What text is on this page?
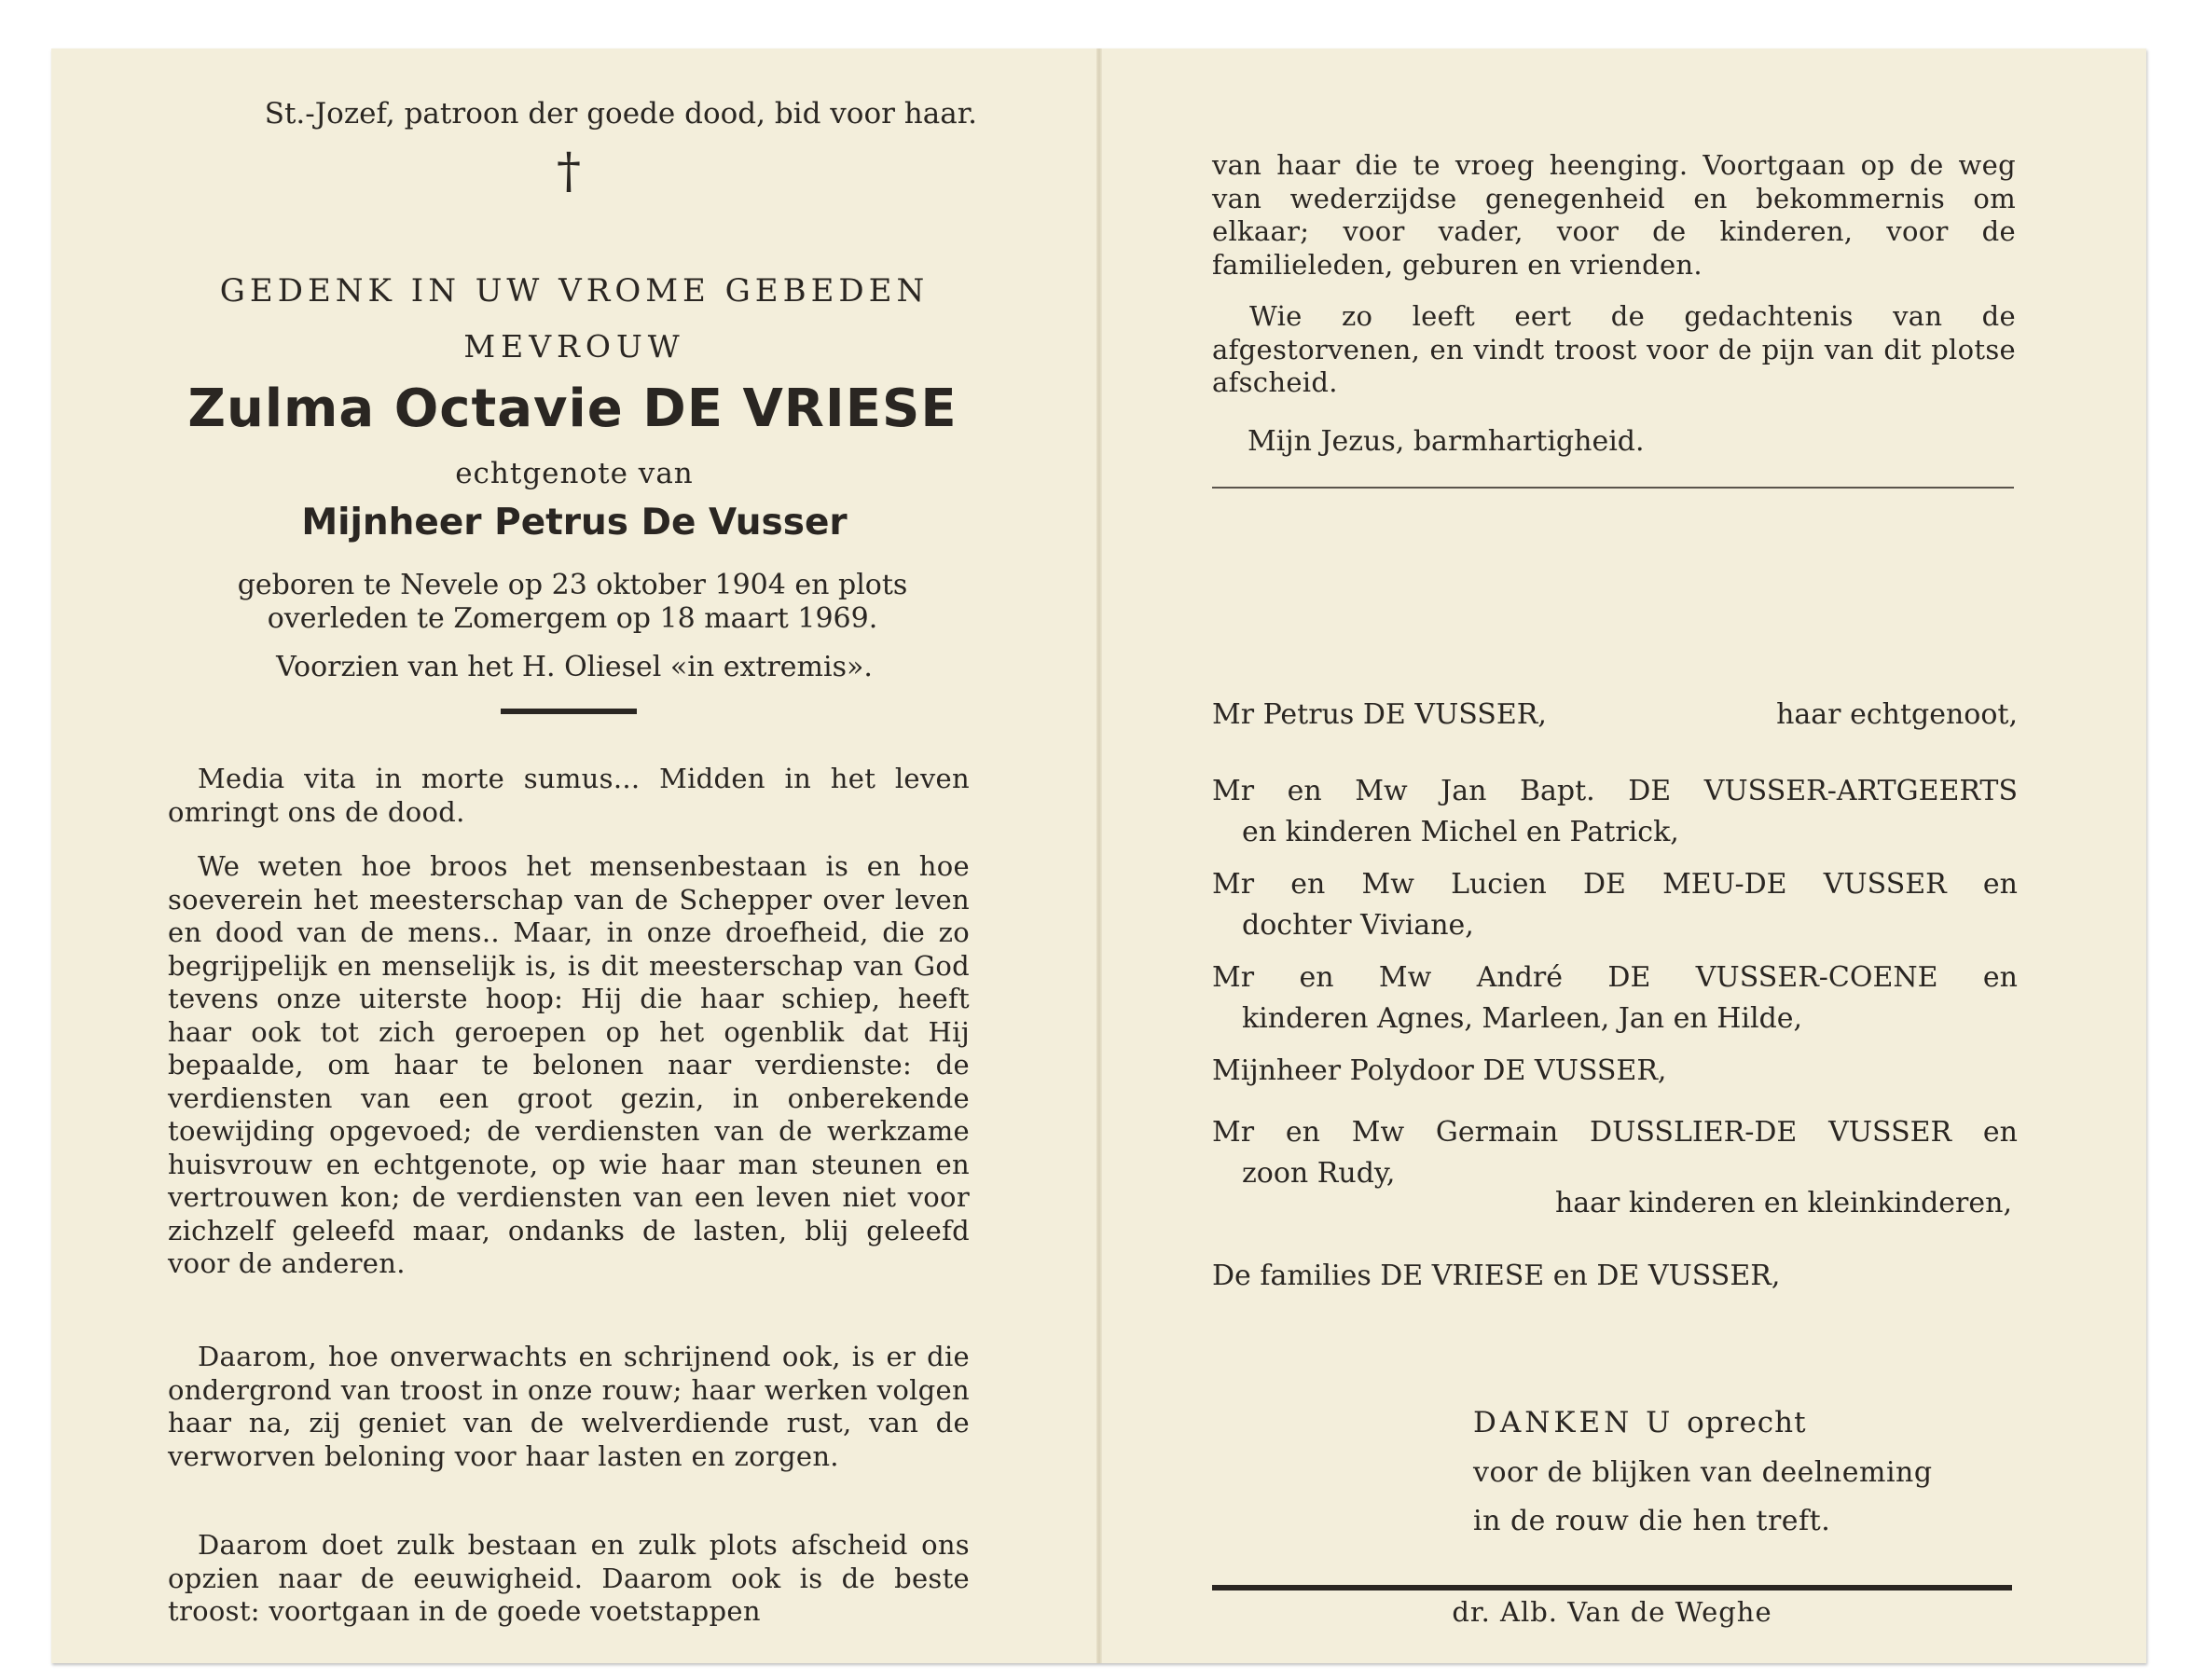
St.-Jozef, patroon der goede dood, bid voor haar.
†
GEDENK IN UW VROME GEBEDEN
MEVROUW
Zulma Octavie DE VRIESE
echtgenote van
Mijnheer Petrus De Vusser
geboren te Nevele op 23 oktober 1904 en plots overleden te Zomergem op 18 maart 1969.
Voorzien van het H. Oliesel «in extremis».
Media vita in morte sumus... Midden in het leven omringt ons de dood.
We weten hoe broos het mensenbestaan is en hoe soeverein het meesterschap van de Schepper over leven en dood van de mens.. Maar, in onze droefheid, die zo begrijpelijk en menselijk is, is dit meesterschap van God tevens onze uiterste hoop: Hij die haar schiep, heeft haar ook tot zich geroepen op het ogenblik dat Hij bepaalde, om haar te belonen naar verdienste: de verdiensten van een groot gezin, in onberekende toewijding opgevoed; de verdiensten van de werkzame huisvrouw en echtgenote, op wie haar man steunen en vertrouwen kon; de verdiensten van een leven niet voor zichzelf geleefd maar, ondanks de lasten, blij geleefd voor de anderen.
Daarom, hoe onverwachts en schrijnend ook, is er die ondergrond van troost in onze rouw; haar werken volgen haar na, zij geniet van de welverdiende rust, van de verworven beloning voor haar lasten en zorgen.
Daarom doet zulk bestaan en zulk plots afscheid ons opzien naar de eeuwigheid. Daarom ook is de beste troost: voortgaan in de goede voetstappen
van haar die te vroeg heenging. Voortgaan op de weg van wederzijdse genegenheid en bekommernis om elkaar; voor vader, voor de kinderen, voor de familieleden, geburen en vrienden.
Wie zo leeft eert de gedachtenis van de afgestorvenen, en vindt troost voor de pijn van dit plotse afscheid.
Mijn Jezus, barmhartigheid.
Mr Petrus DE VUSSER,	haar echtgenoot,
Mr en Mw Jan Bapt. DE VUSSER-ARTGEERTS
en kinderen Michel en Patrick,
Mr en Mw Lucien DE MEU-DE VUSSER en
dochter Viviane,
Mr en Mw André DE VUSSER-COENE en
kinderen Agnes, Marleen, Jan en Hilde,
Mijnheer Polydoor DE VUSSER,
Mr en Mw Germain DUSSLIER-DE VUSSER en
zoon Rudy,
haar kinderen en kleinkinderen,
De families DE VRIESE en DE VUSSER,
DANKEN U oprecht
voor de blijken van deelneming
in de rouw die hen treft.
dr. Alb. Van de Weghe
